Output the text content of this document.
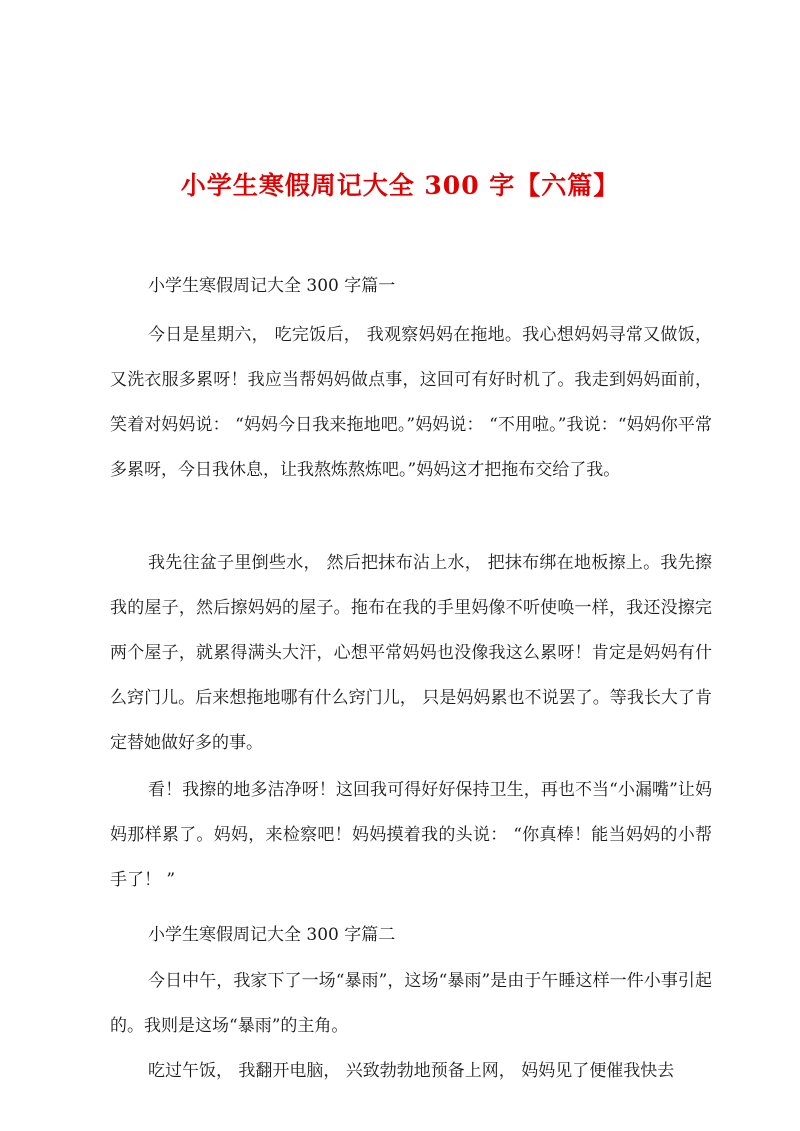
小学生寒假周记大全 300 字【六篇】
小学生寒假周记大全 300 字篇一

今日是星期六， 吃完饭后， 我观察妈妈在拖地。我心想妈妈寻常又做饭，又洗衣服多累呀！我应当帮妈妈做点事，这回可有好时机了。我走到妈妈面前，笑着对妈妈说： “妈妈今日我来拖地吧。”妈妈说： “不用啦。”我说：“妈妈你平常多累呀，今日我休息，让我熬炼熬炼吧。”妈妈这才把拖布交给了我。

我先往盆子里倒些水， 然后把抹布沾上水， 把抹布绑在地板擦上。我先擦我的屋子，然后擦妈妈的屋子。拖布在我的手里妈像不听使唤一样，我还没擦完两个屋子，就累得满头大汗，心想平常妈妈也没像我这么累呀！肯定是妈妈有什么窍门儿。后来想拖地哪有什么窍门儿， 只是妈妈累也不说罢了。等我长大了肯定替她做好多的事。

看！我擦的地多洁净呀！这回我可得好好保持卫生，再也不当“小漏嘴”让妈妈那样累了。妈妈，来检察吧！妈妈摸着我的头说： “你真棒！能当妈妈的小帮手了！ ”

小学生寒假周记大全 300 字篇二

今日中午，我家下了一场“暴雨”，这场“暴雨”是由于午睡这样一件小事引起的。我则是这场“暴雨”的主角。

吃过午饭， 我翻开电脑， 兴致勃勃地预备上网， 妈妈见了便催我快去
